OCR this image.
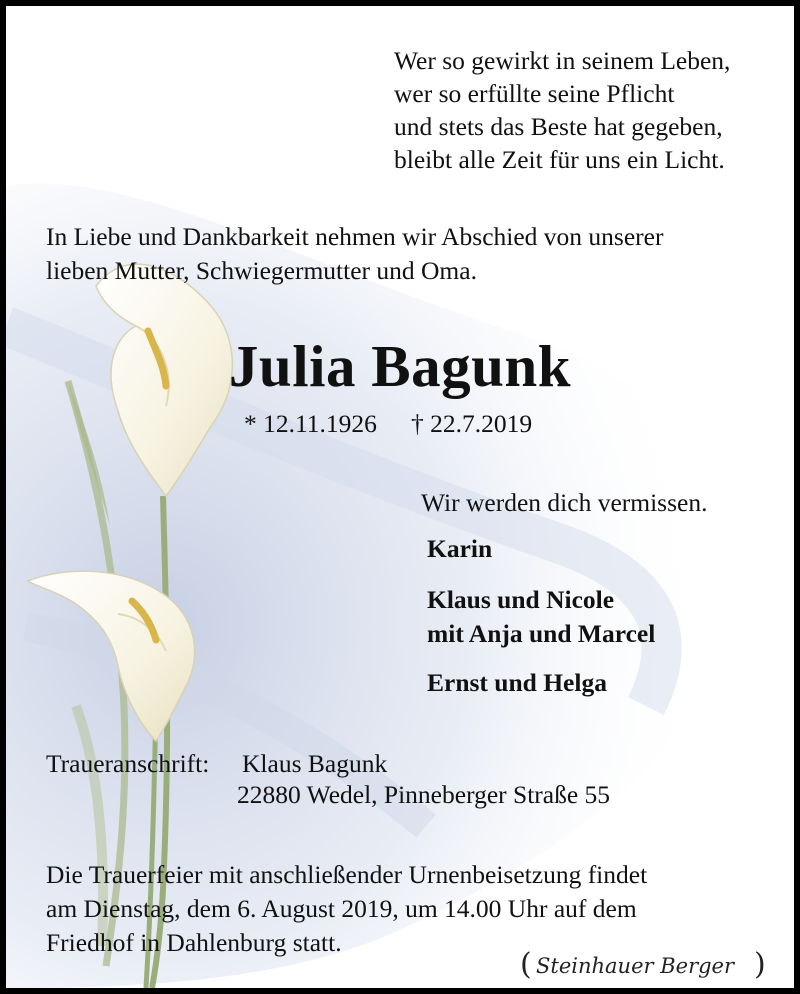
Wer so gewirkt in seinem Leben,
wer so erfüllte seine Pflicht
und stets das Beste hat gegeben,
bleibt alle Zeit für uns ein Licht.
In Liebe und Dankbarkeit nehmen wir Abschied von unserer
lieben Mutter, Schwiegermutter und Oma.
Julia Bagunk
* 12.11.1926 † 22.7.2019
Wir werden dich vermissen.
Karin
Klaus und Nicole
mit Anja und Marcel
Ernst und Helga
Traueranschrift: Klaus Bagunk
22880 Wedel, Pinneberger Straße 55
Die Trauerfeier mit anschließender Urnenbeisetzung findet
am Dienstag, dem 6. August 2019, um 14.00 Uhr auf dem
Friedhof in Dahlenburg statt.
( Steinhauer Berger )
